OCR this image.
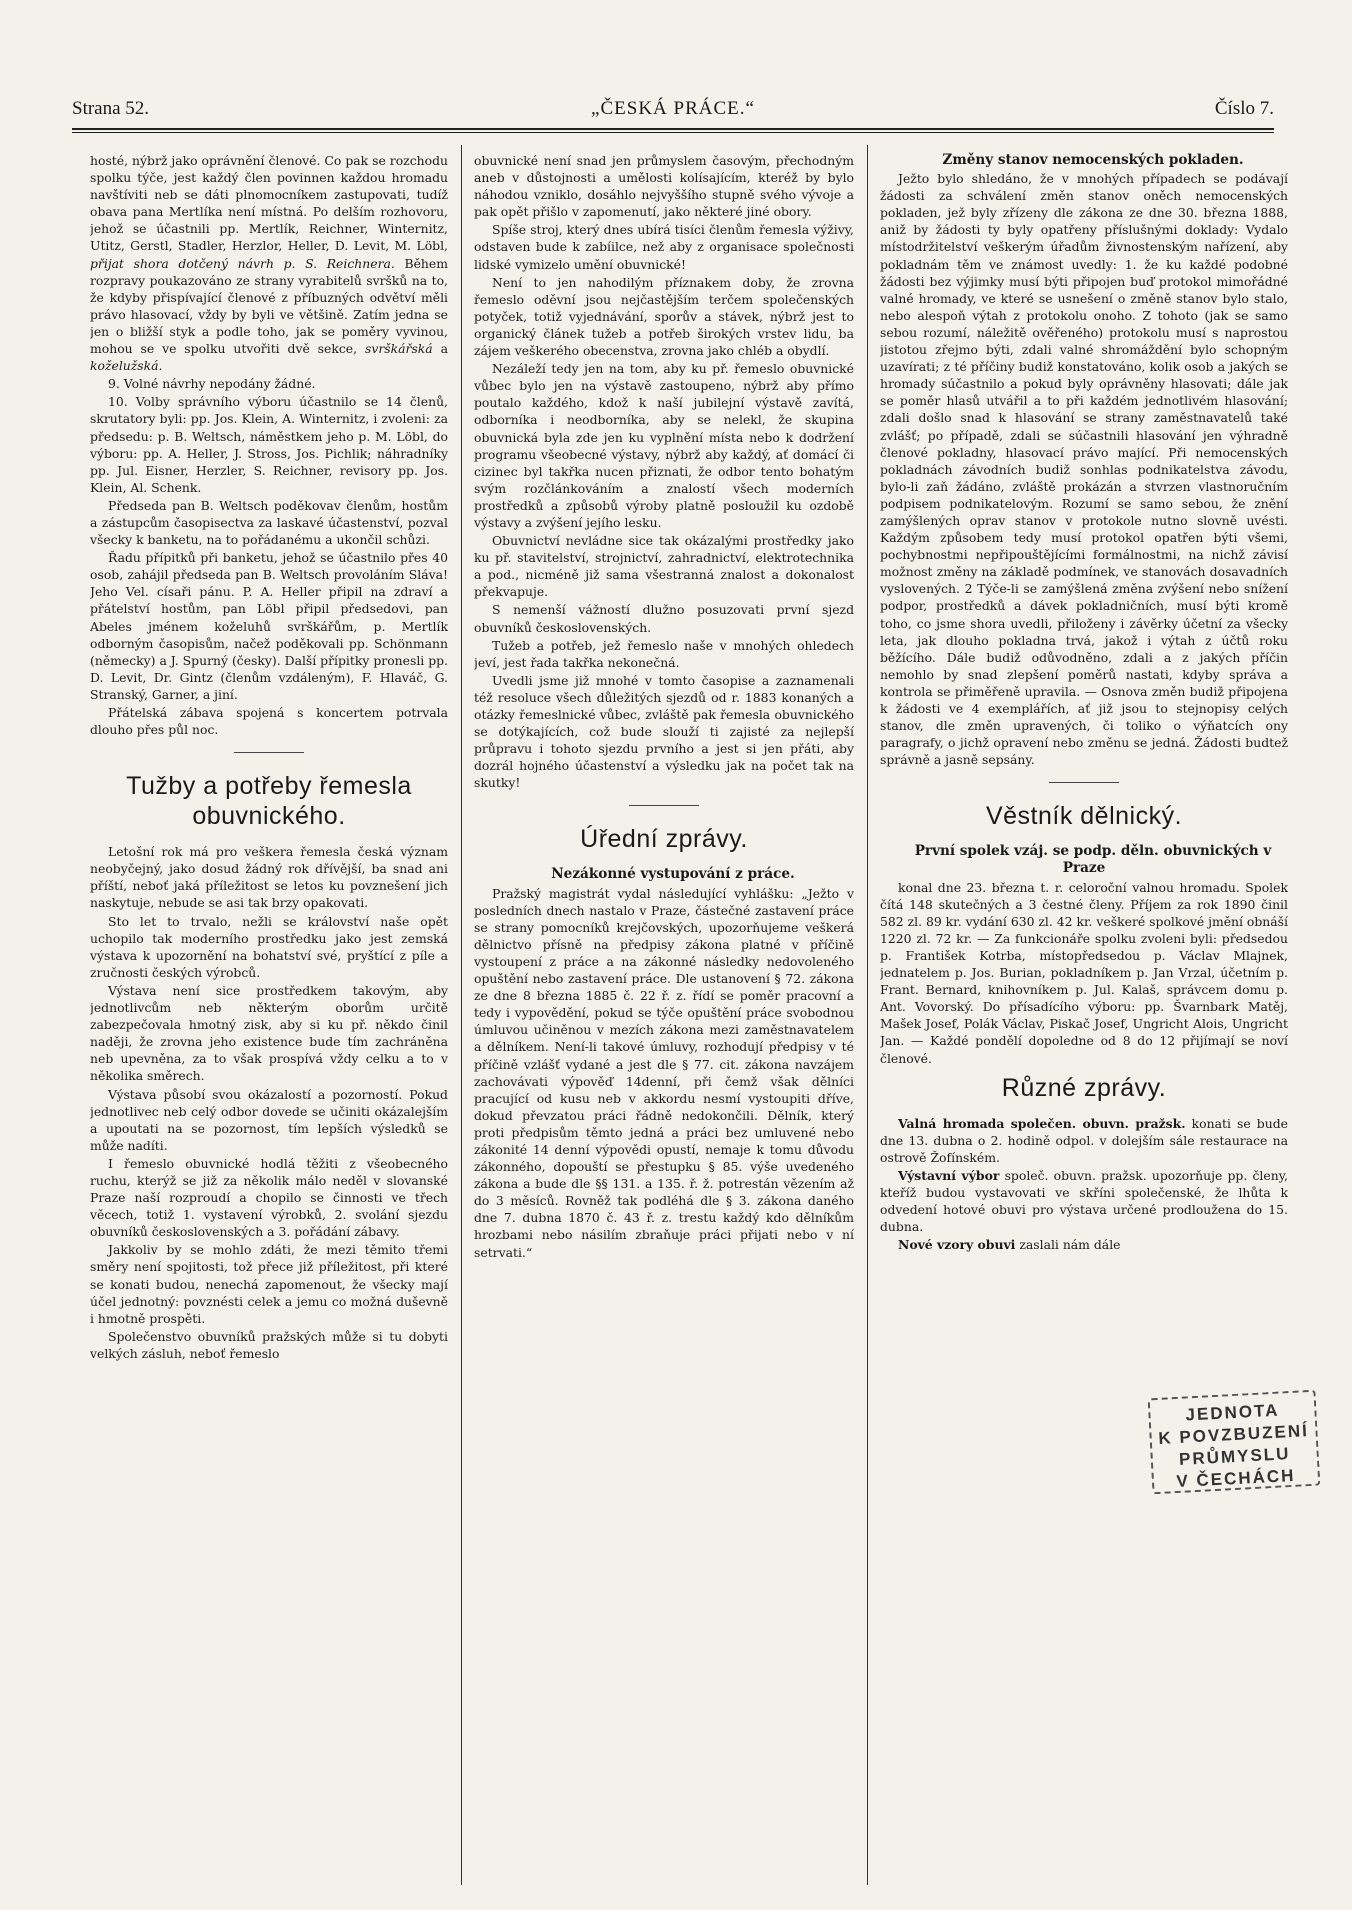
Strana 52.	„ČESKÁ PRÁCE.“	Číslo 7.

hosté, nýbrž jako oprávnění členové. Co pak se rozchodu spolku týče, jest každý člen povinnen každou hromadu navštíviti neb se dáti plnomocníkem zastupovati, tudíž obava pana Mertlíka není místná. Po delším rozhovoru, jehož se účastnili pp. Mertlík, Reichner, Winternitz, Utitz, Gerstl, Stadler, Herzlor, Heller, D. Levit, M. Löbl, přijat shora dotčený návrh p. S. Reichnera. Během rozpravy poukazováno ze strany vyrabitelů svršků na to, že kdyby přispívající členové z příbuzných odvětví měli právo hlasovací, vždy by byli ve většině. Zatím jedna se jen o bližší styk a podle toho, jak se poměry vyvinou, mohou se ve spolku utvořiti dvě sekce, svrškářská a koželužská.

9. Volné návrhy nepodány žádné.

10. Volby správního výboru účastnilo se 14 členů, skrutatory byli: pp. Jos. Klein, A. Winternitz, i zvoleni: za předsedu: p. B. Weltsch, náměstkem jeho p. M. Löbl, do výboru: pp. A. Heller, J. Stross, Jos. Pichlik; náhradníky pp. Jul. Eisner, Herzler, S. Reichner, revisory pp. Jos. Klein, Al. Schenk.

Předseda pan B. Weltsch poděkovav členům, hostům a zástupcům časopisectva za laskavé účastenství, pozval všecky k banketu, na to pořádanému a ukončil schůzi.

Řadu přípitků při banketu, jehož se účastnilo přes 40 osob, zahájil předseda pan B. Weltsch provoláním Sláva! Jeho Vel. císaři pánu. P. A. Heller připil na zdraví a přátelství hostům, pan Löbl připil předsedovi, pan Abeles jménem koželuhů svrškářům, p. Mertlík odborným časopisům, načež poděkovali pp. Schönmann (německy) a J. Spurný (česky). Další přípitky pronesli pp. D. Levit, Dr. Gintz (členům vzdáleným), F. Hlaváč, G. Stranský, Garner, a jiní.

Přátelská zábava spojená s koncertem potrvala dlouho přes půl noc.

Tužby a potřeby řemesla obuvnického.

Letošní rok má pro veškera řemesla česká význam neobyčejný, jako dosud žádný rok dřívější, ba snad ani příští, neboť jaká příležitost se letos ku povznešení jich naskytuje, nebude se asi tak brzy opakovati.

Sto let to trvalo, nežli se království naše opět uchopilo tak moderního prostředku jako jest zemská výstava k upozornění na bohatství své, pryštící z píle a zručnosti českých výrobců.

Výstava není sice prostředkem takovým, aby jednotlivcům neb některým oborům určitě zabezpečovala hmotný zisk, aby si ku př. někdo činil naději, že zrovna jeho existence bude tím zachráněna neb upevněna, za to však prospívá vždy celku a to v několika směrech.

Výstava působí svou okázalostí a pozorností. Pokud jednotlivec neb celý odbor dovede se učiniti okázalejším a upoutati na se pozornost, tím lepších výsledků se může nadíti.

I řemeslo obuvnické hodlá těžiti z všeobecného ruchu, kterýž se již za několik málo neděl v slovanské Praze naší rozproudí a chopilo se činnosti ve třech věcech, totiž 1. vystavení výrobků, 2. svolání sjezdu obuvníků československých a 3. pořádání zábavy.

Jakkoliv by se mohlo zdáti, že mezi těmito třemi směry není spojitosti, tož přece již příležitost, při které se konati budou, nenechá zapomenout, že všecky mají účel jednotný: povznésti celek a jemu co možná duševně i hmotně prospěti.

Společenstvo obuvníků pražských může si tu dobyti velkých zásluh, neboť řemeslo

obuvnické není snad jen průmyslem časovým, přechodným aneb v důstojnosti a umělosti kolísajícím, kteréž by bylo náhodou vzniklo, dosáhlo nejvyššího stupně svého vývoje a pak opět přišlo v zapomenutí, jako některé jiné obory.

Spíše stroj, který dnes ubírá tisíci členům řemesla výživy, odstaven bude k zabíilce, než aby z organisace společnosti lidské vymizelo umění obuvnické!

Není to jen nahodilým příznakem doby, že zrovna řemeslo oděvní jsou nejčastějším terčem společenských potyček, totiž vyjednávání, sporův a stávek, nýbrž jest to organický článek tužeb a potřeb širokých vrstev lidu, ba zájem veškerého obecenstva, zrovna jako chléb a obydlí.

Nezáleží tedy jen na tom, aby ku př. řemeslo obuvnické vůbec bylo jen na výstavě zastoupeno, nýbrž aby přímo poutalo každého, kdož k naší jubilejní výstavě zavítá, odborníka i neodborníka, aby se nelekl, že skupina obuvnická byla zde jen ku vyplnění místa nebo k dodržení programu všeobecné výstavy, nýbrž aby každý, ať domácí či cizinec byl takřka nucen přiznati, že odbor tento bohatým svým rozčlánkováním a znalostí všech moderních prostředků a způsobů výroby platně posloužil ku ozdobě výstavy a zvýšení jejího lesku.

Obuvnictví nevládne sice tak okázalými prostředky jako ku př. stavitelství, strojnictví, zahradnictví, elektrotechnika a pod., nicméně již sama všestranná znalost a dokonalost překvapuje.

S nemenší vážností dlužno posuzovati první sjezd obuvníků československých.

Tužeb a potřeb, jež řemeslo naše v mnohých ohledech jeví, jest řada takřka nekonečná.

Uvedli jsme již mnohé v tomto časopise a zaznamenali též resoluce všech důležitých sjezdů od r. 1883 konaných a otázky řemeslnické vůbec, zvláště pak řemesla obuvnického se dotýkajících, což bude slouží ti zajisté za nejlepší průpravu i tohoto sjezdu prvního a jest si jen přáti, aby dozrál hojného účastenství a výsledku jak na počet tak na skutky!

Úřední zprávy.

Nezákonné vystupování z práce.

Pražský magistrát vydal následující vyhlášku: „Ježto v posledních dnech nastalo v Praze, částečné zastavení práce se strany pomocníků krejčovských, upozorňujeme veškerá dělnictvo přísně na předpisy zákona platné v příčině vystoupení z práce a na zákonné následky nedovoleného opuštění nebo zastavení práce. Dle ustanovení § 72. zákona ze dne 8 března 1885 č. 22 ř. z. řídí se poměr pracovní a tedy i vypovědění, pokud se týče opuštění práce svobodnou úmluvou učiněnou v mezích zákona mezi zaměstnavatelem a dělníkem. Není-li takové úmluvy, rozhodují předpisy v té příčině vzlášť vydané a jest dle § 77. cit. zákona navzájem zachovávati výpověď 14denní, při čemž však dělníci pracující od kusu neb v akkordu nesmí vystoupiti dříve, dokud převzatou práci řádně nedokončili. Dělník, který proti předpisům těmto jedná a práci bez umluvené nebo zákonité 14 denní výpovědi opustí, nemaje k tomu důvodu zákonného, dopouští se přestupku § 85. výše uvedeného zákona a bude dle §§ 131. a 135. ř. ž. potrestán vězením až do 3 měsíců. Rovněž tak podléhá dle § 3. zákona daného dne 7. dubna 1870 č. 43 ř. z. trestu každý kdo dělníkům hrozbami nebo násilím zbraňuje práci přijati nebo v ní setrvati.“

Změny stanov nemocenských pokladen.

Ježto bylo shledáno, že v mnohých případech se podávají žádosti za schválení změn stanov oněch nemocenských pokladen, jež byly zřízeny dle zákona ze dne 30. března 1888, aniž by žádosti ty byly opatřeny příslušnými doklady: Vydalo místodržitelství veškerým úřadům živnostenským nařízení, aby pokladnám těm ve známost uvedly: 1. že ku každé podobné žádosti bez výjimky musí býti připojen buď protokol mimořádné valné hromady, ve které se usnešení o změně stanov bylo stalo, nebo alespoň výtah z protokolu onoho. Z tohoto (jak se samo sebou rozumí, náležitě ověřeného) protokolu musí s naprostou jistotou zřejmo býti, zdali valné shromáždění bylo schopným uzavírati; z té příčiny budiž konstatováno, kolik osob a jakých se hromady súčastnilo a pokud byly oprávněny hlasovati; dále jak se poměr hlasů utvářil a to při každém jednotlivém hlasování; zdali došlo snad k hlasování se strany zaměstnavatelů také zvlášť; po případě, zdali se súčastnili hlasování jen výhradně členové pokladny, hlasovací právo mající. Při nemocenských pokladnách závodních budiž sonhlas podnikatelstva závodu, bylo-li zaň žádáno, zvláště prokázán a stvrzen vlastnoručním podpisem podnikatelovým. Rozumí se samo sebou, že znění zamýšlených oprav stanov v protokole nutno slovně uvésti. Každým způsobem tedy musí protokol opatřen býti všemi, pochybnostmi nepřipouštějícími formálnostmi, na nichž závisí možnost změny na základě podmínek, ve stanovách dosavadních vyslovených. 2 Týče-li se zamýšlená změna zvýšení nebo snížení podpor, prostředků a dávek pokladničních, musí býti kromě toho, co jsme shora uvedli, přiloženy i závěrky účetní za všecky leta, jak dlouho pokladna trvá, jakož i výtah z účtů roku běžícího. Dále budiž odůvodněno, zdali a z jakých příčin nemohlo by snad zlepšení poměrů nastati, kdyby správa a kontrola se přiměřeně upravila. — Osnova změn budiž připojena k žádosti ve 4 exemplářích, ať již jsou to stejnopisy celých stanov, dle změn upravených, či toliko o výňatcích ony paragrafy, o jichž opravení nebo změnu se jedná. Žádosti budtež správně a jasně sepsány.

Věstník dělnický.

První spolek vzáj. se podp. děln. obuvnických v Praze

konal dne 23. března t. r. celoroční valnou hromadu. Spolek čítá 148 skutečných a 3 čestné členy. Příjem za rok 1890 činil 582 zl. 89 kr. vydání 630 zl. 42 kr. veškeré spolkové jmění obnáší 1220 zl. 72 kr. — Za funkcionáře spolku zvoleni byli: předsedou p. František Kotrba, místopředsedou p. Václav Mlajnek, jednatelem p. Jos. Burian, pokladníkem p. Jan Vrzal, účetním p. Frant. Bernard, knihovníkem p. Jul. Kalaš, správcem domu p. Ant. Vovorský. Do přísadícího výboru: pp. Švarnbark Matěj, Mašek Josef, Polák Václav, Piskač Josef, Ungricht Alois, Ungricht Jan. — Každé pondělí dopoledne od 8 do 12 přijímají se noví členové.

Různé zprávy.

Valná hromada společen. obuvn. pražsk. konati se bude dne 13. dubna o 2. hodině odpol. v dolejším sále restaurace na ostrově Žofínském.

Výstavní výbor společ. obuvn. pražsk. upozorňuje pp. členy, kteříž budou vystavovati ve skříni společenské, že lhůta k odvedení hotové obuvi pro výstava určené prodloužena do 15. dubna.

Nové vzory obuvi zaslali nám dále

JEDNOTA
K POVZBUZENÍ
PRŮMYSLU
V ČECHÁCH
